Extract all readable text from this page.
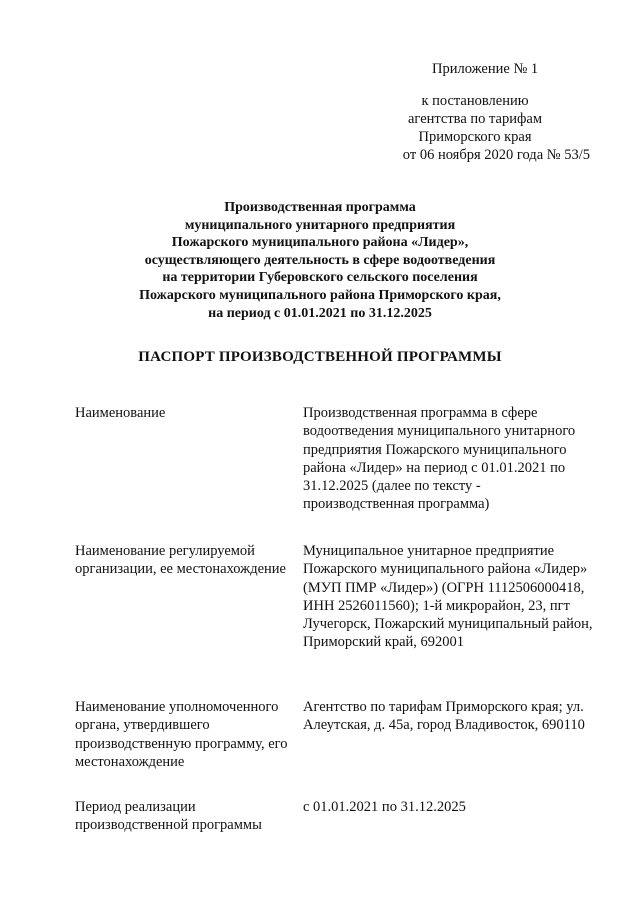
Приложение № 1
к постановлению
агентства по тарифам
Приморского края
от 06 ноября 2020 года № 53/5
Производственная программа
муниципального унитарного предприятия
Пожарского муниципального района «Лидер»,
осуществляющего деятельность в сфере водоотведения
на территории Губеровского сельского поселения
Пожарского муниципального района Приморского края,
на период с 01.01.2021 по 31.12.2025
ПАСПОРТ ПРОИЗВОДСТВЕННОЙ ПРОГРАММЫ
Наименование	Производственная программа в сфере водоотведения муниципального унитарного предприятия Пожарского муниципального района «Лидер» на период с 01.01.2021 по 31.12.2025 (далее по тексту - производственная программа)
Наименование регулируемой организации, ее местонахождение
Муниципальное унитарное предприятие Пожарского муниципального района «Лидер» (МУП ПМР «Лидер») (ОГРН 1112506000418, ИНН 2526011560); 1-й микрорайон, 23, пгт Лучегорск, Пожарский муниципальный район, Приморский край, 692001
Наименование уполномоченного органа, утвердившего производственную программу, его местонахождение
Агентство по тарифам Приморского края; ул. Алеутская, д. 45а, город Владивосток, 690110
Период реализации производственной программы
с 01.01.2021 по 31.12.2025
